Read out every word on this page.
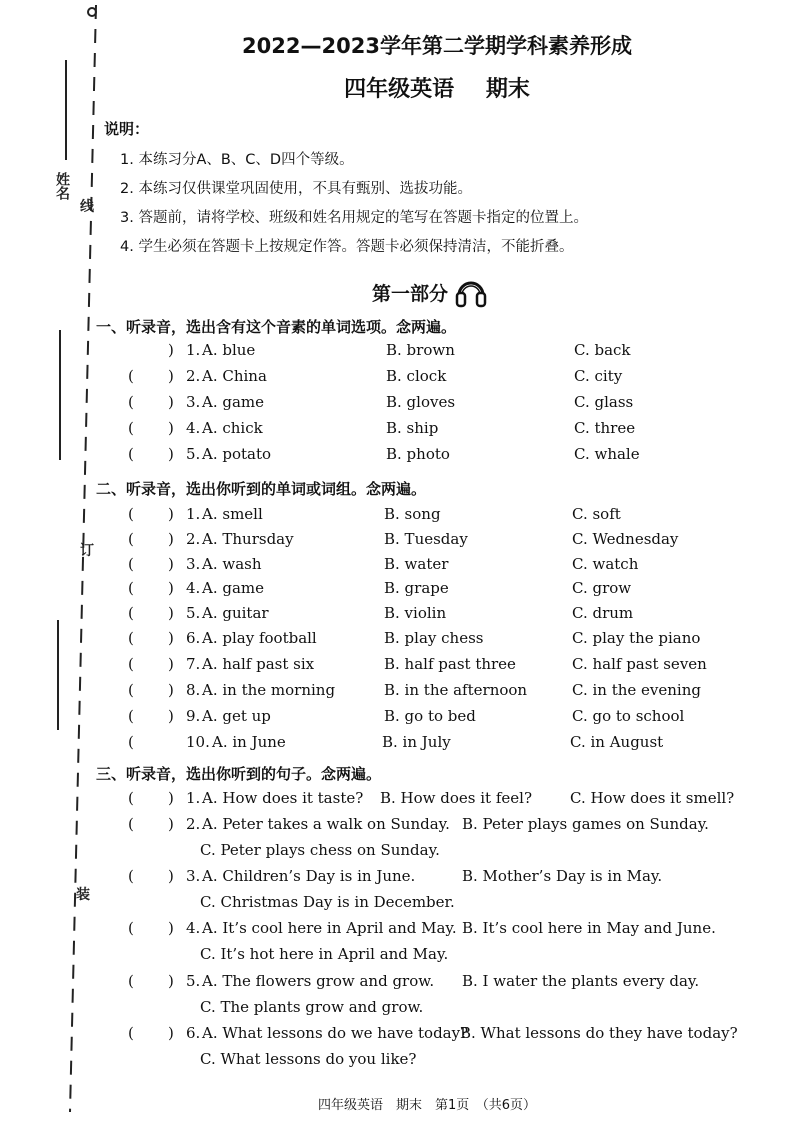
姓名
线
订
装
2022—2023学年第二学期学科素养形成
四年级英语 期末
说明：
1. 本练习分A、B、C、D四个等级。
2. 本练习仅供课堂巩固使用，不具有甄别、选拔功能。
3. 答题前，请将学校、班级和姓名用规定的笔写在答题卡指定的位置上。
4. 学生必须在答题卡上按规定作答。答题卡必须保持清洁，不能折叠。
第一部分
一、听录音，选出含有这个音素的单词选项。念两遍。
) 1. A. blue	B. brown	C. back
( ) 2. A. China	B. clock	C. city
( ) 3. A. game	B. gloves	C. glass
( ) 4. A. chick	B. ship	C. three
( ) 5. A. potato	B. photo	C. whale
二、听录音，选出你听到的单词或词组。念两遍。
( ) 1. A. smell	B. song	C. soft
( ) 2. A. Thursday	B. Tuesday	C. Wednesday
( ) 3. A. wash	B. water	C. watch
( ) 4. A. game	B. grape	C. grow
( ) 5. A. guitar	B. violin	C. drum
( ) 6. A. play football	B. play chess	C. play the piano
( ) 7. A. half past six	B. half past three	C. half past seven
( ) 8. A. in the morning	B. in the afternoon	C. in the evening
( ) 9. A. get up	B. go to bed	C. go to school
(	10. A. in June	B. in July	C. in August
三、听录音，选出你听到的句子。念两遍。
( ) 1. A. How does it taste? B. How does it feel?	C. How does it smell?
( ) 2. A. Peter takes a walk on Sunday. B. Peter plays games on Sunday.
C. Peter plays chess on Sunday.
( ) 3. A. Children’s Day is in June.	B. Mother’s Day is in May.
C. Christmas Day is in December.
( ) 4. A. It’s cool here in April and May. B. It’s cool here in May and June.
C. It’s hot here in April and May.
( ) 5. A. The flowers grow and grow. B. I water the plants every day.
C. The plants grow and grow.
( ) 6. A. What lessons do we have today?
B. What lessons do they have today?
C. What lessons do you like?
四年级英语　期末　第1页　（共6页）
